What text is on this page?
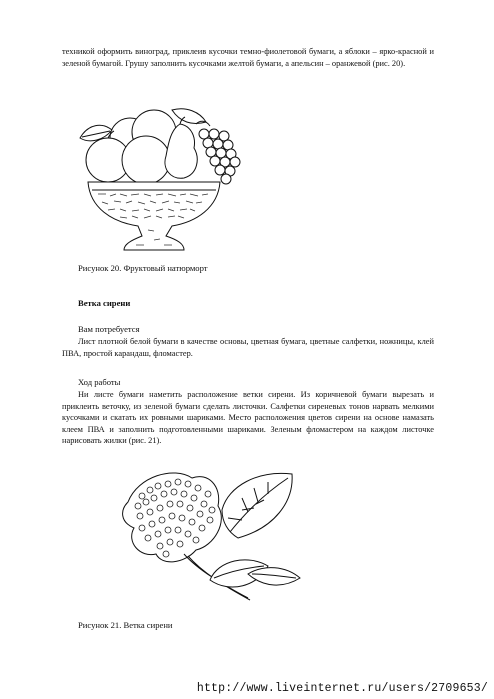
техникой оформить виноград, приклеив кусочки темно-фиолетовой бумаги, а яблоки – ярко-красной и зеленой бумагой. Грушу заполнить кусочками желтой бумаги, а апельсин – оранжевой (рис. 20).

Рисунок 20. Фруктовый натюрморт

Ветка сирени

Вам потребуется

Лист плотной белой бумаги в качестве основы, цветная бумага, цветные салфетки, ножницы, клей ПВА, простой карандаш, фломастер.

Ход работы

Ни листе бумаги наметить расположение ветки сирени. Из коричневой бумаги вырезать и приклеить веточку, из зеленой бумаги сделать листочки. Салфетки сиреневых тонов нарвать мелкими кусочками и скатать их ровными шариками. Место расположения цветов сирени на основе намазать клеем ПВА и заполнить подготовленными шариками. Зеленым фломастером на каждом листочке нарисовать жилки (рис. 21).

Рисунок 21. Ветка сирени

http://www.liveinternet.ru/users/2709653/
